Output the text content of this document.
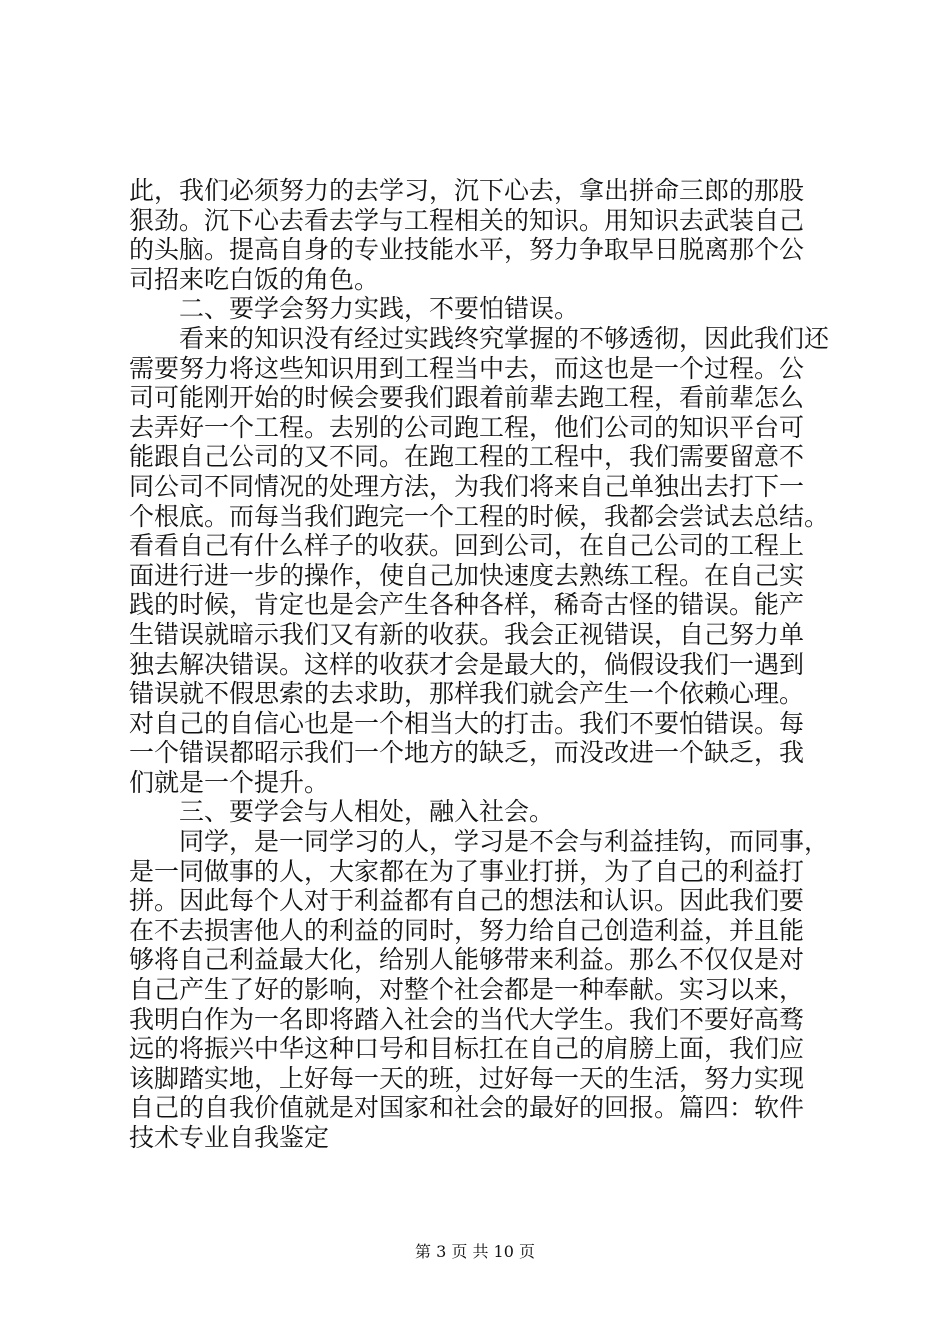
此，我们必须努力的去学习，沉下心去，拿出拼命三郎的那股
狠劲。沉下心去看去学与工程相关的知识。用知识去武装自己
的头脑。提高自身的专业技能水平，努力争取早日脱离那个公
司招来吃白饭的角色。
二、要学会努力实践，不要怕错误。
看来的知识没有经过实践终究掌握的不够透彻，因此我们还
需要努力将这些知识用到工程当中去，而这也是一个过程。公
司可能刚开始的时候会要我们跟着前辈去跑工程，看前辈怎么
去弄好一个工程。去别的公司跑工程，他们公司的知识平台可
能跟自己公司的又不同。在跑工程的工程中，我们需要留意不
同公司不同情况的处理方法，为我们将来自己单独出去打下一
个根底。而每当我们跑完一个工程的时候，我都会尝试去总结。
看看自己有什么样子的收获。回到公司，在自己公司的工程上
面进行进一步的操作，使自己加快速度去熟练工程。在自己实
践的时候，肯定也是会产生各种各样，稀奇古怪的错误。能产
生错误就暗示我们又有新的收获。我会正视错误，自己努力单
独去解决错误。这样的收获才会是最大的，倘假设我们一遇到
错误就不假思索的去求助，那样我们就会产生一个依赖心理。
对自己的自信心也是一个相当大的打击。我们不要怕错误。每
一个错误都昭示我们一个地方的缺乏，而没改进一个缺乏，我
们就是一个提升。
三、要学会与人相处，融入社会。
同学，是一同学习的人，学习是不会与利益挂钩，而同事，
是一同做事的人，大家都在为了事业打拼，为了自己的利益打
拼。因此每个人对于利益都有自己的想法和认识。因此我们要
在不去损害他人的利益的同时，努力给自己创造利益，并且能
够将自己利益最大化，给别人能够带来利益。那么不仅仅是对
自己产生了好的影响，对整个社会都是一种奉献。实习以来，
我明白作为一名即将踏入社会的当代大学生。我们不要好高骛
远的将振兴中华这种口号和目标扛在自己的肩膀上面，我们应
该脚踏实地，上好每一天的班，过好每一天的生活，努力实现
自己的自我价值就是对国家和社会的最好的回报。篇四：软件
技术专业自我鉴定
第 3 页 共 10 页
